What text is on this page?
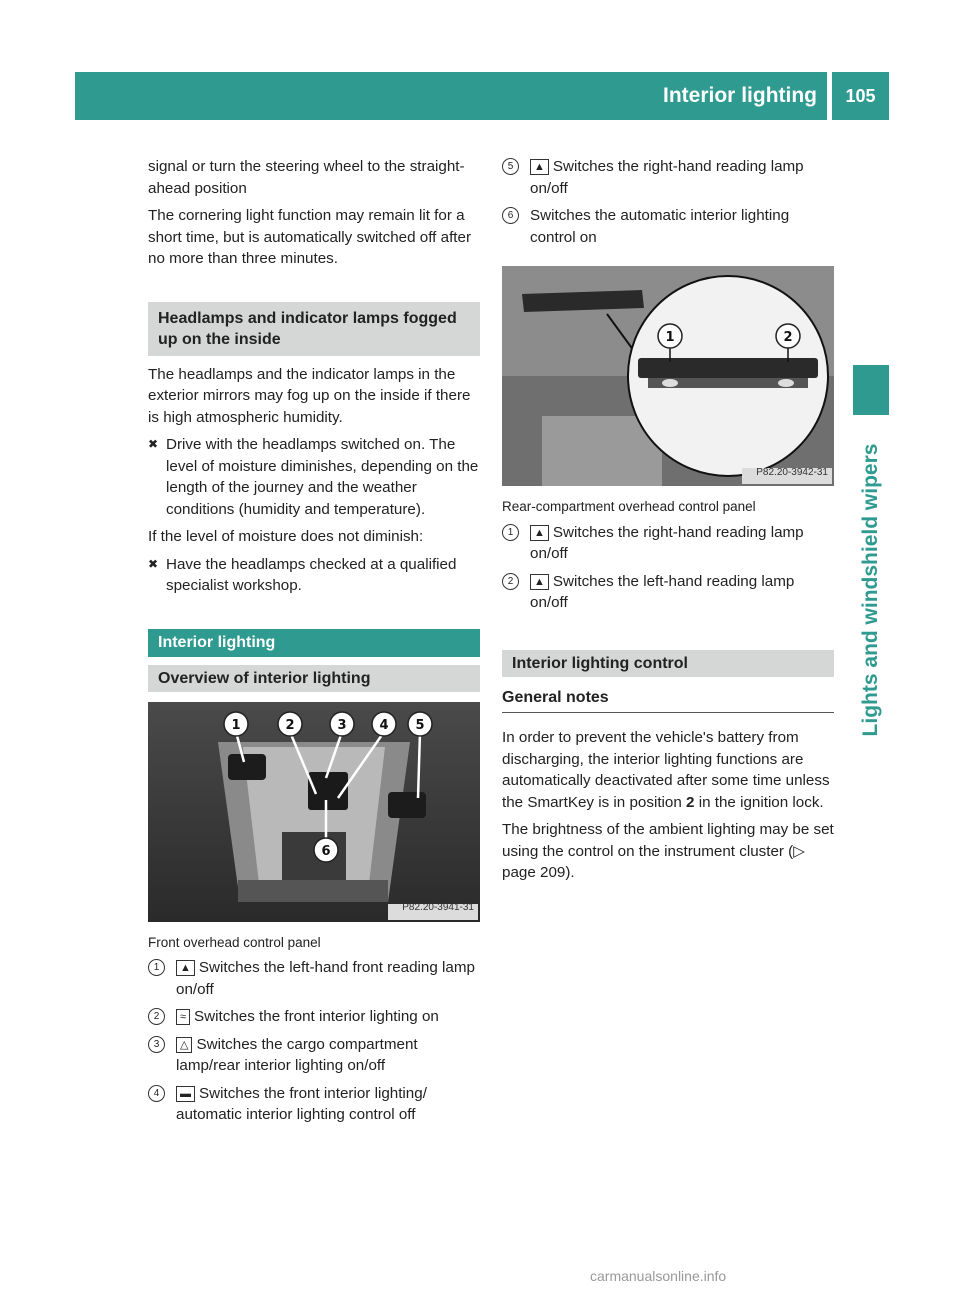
Interior lighting	105
Lights and windshield wipers

signal or turn the steering wheel to the straight-ahead position

The cornering light function may remain lit for a short time, but is automatically switched off after no more than three minutes.

Headlamps and indicator lamps fogged up on the inside

The headlamps and the indicator lamps in the exterior mirrors may fog up on the inside if there is high atmospheric humidity.

✖ Drive with the headlamps switched on. The level of moisture diminishes, depending on the length of the journey and the weather conditions (humidity and temperature).

If the level of moisture does not diminish:

✖ Have the headlamps checked at a qualified specialist workshop.
Interior lighting
Overview of interior lighting
1	2	3	4 5
6
P82.20-3941-31
Front overhead control panel
1	▲ Switches the left-hand front reading lamp on/off
2	≈ Switches the front interior lighting on
3	△ Switches the cargo compartment lamp/rear interior lighting on/off
4	▬ Switches the front interior lighting/ automatic interior lighting control off
5	▲ Switches the right-hand reading lamp on/off
6	Switches the automatic interior lighting control on
1	2
P82.20-3942-31
Rear-compartment overhead control panel
1	▲ Switches the right-hand reading lamp on/off
2	▲ Switches the left-hand reading lamp on/off
Interior lighting control
General notes

In order to prevent the vehicle's battery from discharging, the interior lighting functions are automatically deactivated after some time unless the SmartKey is in position 2 in the ignition lock.

The brightness of the ambient lighting may be set using the control on the instrument cluster (▷ page 209).

carmanualsonline.info
